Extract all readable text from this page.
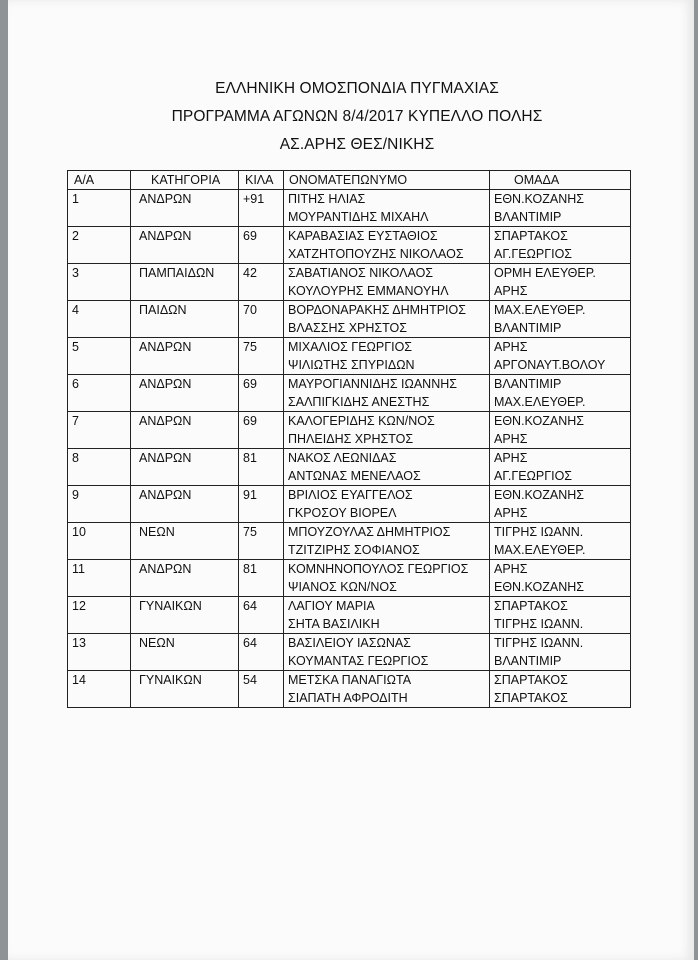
ΕΛΛΗΝΙΚΗ ΟΜΟΣΠΟΝΔΙΑ ΠΥΓΜΑΧΙΑΣ
ΠΡΟΓΡΑΜΜΑ ΑΓΩΝΩΝ 8/4/2017 ΚΥΠΕΛΛΟ ΠΟΛΗΣ
ΑΣ.ΑΡΗΣ ΘΕΣ/ΝΙΚΗΣ
Α/Α	ΚΑΤΗΓΟΡΙΑ	ΚΙΛΑ	ΟΝΟΜΑΤΕΠΩΝΥΜΟ	ΟΜΑΔΑ

1	ΑΝΔΡΩΝ	+91	ΠΙΤΗΣ ΗΛΙΑΣ
ΜΟΥΡΑΝΤΙΔΗΣ ΜΙΧΑΗΛ	ΕΘΝ.ΚΟΖΑΝΗΣ
ΒΛΑΝΤΙΜΙΡ

2	ΑΝΔΡΩΝ	69	ΚΑΡΑΒΑΣΙΑΣ ΕΥΣΤΑΘΙΟΣ
ΧΑΤΖΗΤΟΠΟΥΖΗΣ ΝΙΚΟΛΑΟΣ	ΣΠΑΡΤΑΚΟΣ
ΑΓ.ΓΕΩΡΓΙΟΣ

3	ΠΑΜΠΑΙΔΩΝ	42	ΣΑΒΑΤΙΑΝΟΣ ΝΙΚΟΛΑΟΣ
ΚΟΥΛΟΥΡΗΣ ΕΜΜΑΝΟΥΗΛ	ΟΡΜΗ ΕΛΕΥΘΕΡ.
ΑΡΗΣ

4	ΠΑΙΔΩΝ	70	ΒΟΡΔΟΝΑΡΑΚΗΣ ΔΗΜΗΤΡΙΟΣ
ΒΛΑΣΣΗΣ ΧΡΗΣΤΟΣ	ΜΑΧ.ΕΛΕΥΘΕΡ.
ΒΛΑΝΤΙΜΙΡ

5	ΑΝΔΡΩΝ	75	ΜΙΧΑΛΙΟΣ ΓΕΩΡΓΙΟΣ
ΨΙΛΙΩΤΗΣ ΣΠΥΡΙΔΩΝ	ΑΡΗΣ
ΑΡΓΟΝΑΥΤ.ΒΟΛΟΥ

6	ΑΝΔΡΩΝ	69	ΜΑΥΡΟΓΙΑΝΝΙΔΗΣ ΙΩΑΝΝΗΣ
ΣΑΛΠΙΓΚΙΔΗΣ ΑΝΕΣΤΗΣ	ΒΛΑΝΤΙΜΙΡ
ΜΑΧ.ΕΛΕΥΘΕΡ.

7	ΑΝΔΡΩΝ	69	ΚΑΛΟΓΕΡΙΔΗΣ ΚΩΝ/ΝΟΣ
ΠΗΛΕΙΔΗΣ ΧΡΗΣΤΟΣ	ΕΘΝ.ΚΟΖΑΝΗΣ
ΑΡΗΣ

8	ΑΝΔΡΩΝ	81	ΝΑΚΟΣ ΛΕΩΝΙΔΑΣ
ΑΝΤΩΝΑΣ ΜΕΝΕΛΑΟΣ	ΑΡΗΣ
ΑΓ.ΓΕΩΡΓΙΟΣ

9	ΑΝΔΡΩΝ	91	ΒΡΙΛΙΟΣ ΕΥΑΓΓΕΛΟΣ
ΓΚΡΟΣΟΥ ΒΙΟΡΕΛ	ΕΘΝ.ΚΟΖΑΝΗΣ
ΑΡΗΣ

10	ΝΕΩΝ	75	ΜΠΟΥΖΟΥΛΑΣ ΔΗΜΗΤΡΙΟΣ
ΤΖΙΤΖΙΡΗΣ ΣΟΦΙΑΝΟΣ	ΤΙΓΡΗΣ ΙΩΑΝΝ.
ΜΑΧ.ΕΛΕΥΘΕΡ.

11	ΑΝΔΡΩΝ	81	ΚΟΜΝΗΝΟΠΟΥΛΟΣ ΓΕΩΡΓΙΟΣ
ΨΙΑΝΟΣ ΚΩΝ/ΝΟΣ	ΑΡΗΣ
ΕΘΝ.ΚΟΖΑΝΗΣ

12	ΓΥΝΑΙΚΩΝ	64	ΛΑΓΙΟΥ ΜΑΡΙΑ
ΣΗΤΑ ΒΑΣΙΛΙΚΗ	ΣΠΑΡΤΑΚΟΣ
ΤΙΓΡΗΣ ΙΩΑΝΝ.

13	ΝΕΩΝ	64	ΒΑΣΙΛΕΙΟΥ ΙΑΣΩΝΑΣ
ΚΟΥΜΑΝΤΑΣ ΓΕΩΡΓΙΟΣ	ΤΙΓΡΗΣ ΙΩΑΝΝ.
ΒΛΑΝΤΙΜΙΡ

14	ΓΥΝΑΙΚΩΝ	54	ΜΕΤΣΚΑ ΠΑΝΑΓΙΩΤΑ
ΣΙΑΠΑΤΗ ΑΦΡΟΔΙΤΗ	ΣΠΑΡΤΑΚΟΣ
ΣΠΑΡΤΑΚΟΣ
